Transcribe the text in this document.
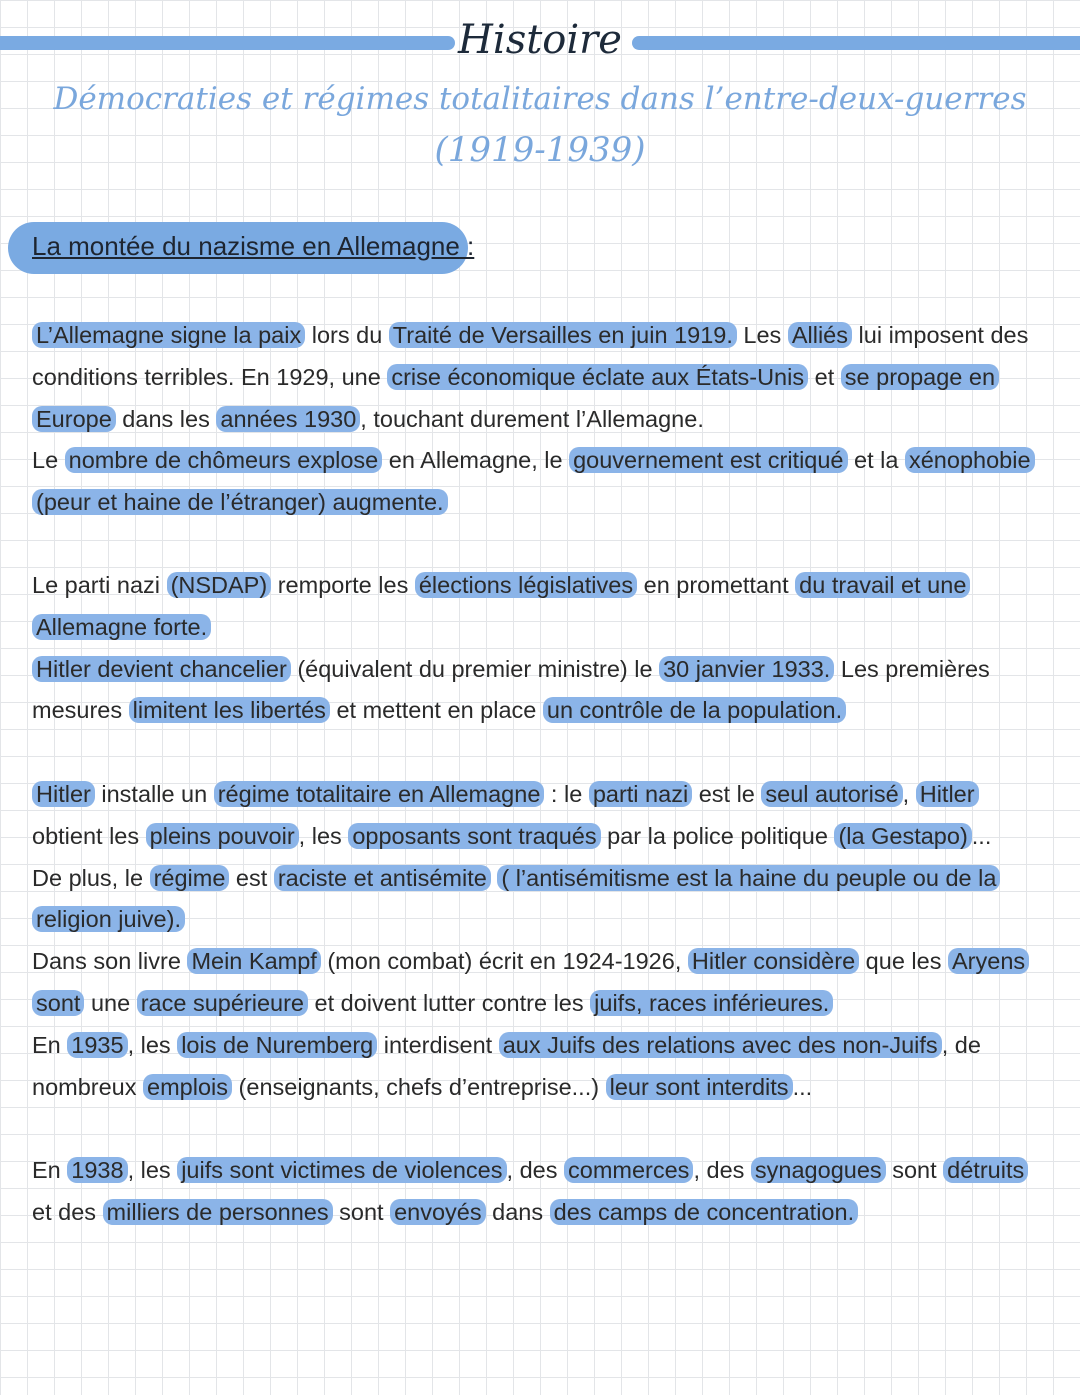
Histoire
Démocraties et régimes totalitaires dans l’entre-deux-guerres
(1919-1939)
La montée du nazisme en Allemagne :

L’Allemagne signe la paix lors du Traité de Versailles en juin 1919. Les Alliés lui imposent des conditions terribles. En 1929, une crise économique éclate aux États-Unis et se propage en Europe dans les années 1930 , touchant durement l’Allemagne.

Le nombre de chômeurs explose en Allemagne, le gouvernement est critiqué et la xénophobie (peur et haine de l’étranger) augmente.

Le parti nazi (NSDAP) remporte les élections législatives en promettant du travail et une Allemagne forte.

Hitler devient chancelier (équivalent du premier ministre) le 30 janvier 1933. Les premières mesures limitent les libertés et mettent en place un contrôle de la population.

Hitler installe un régime totalitaire en Allemagne : le parti nazi est le seul autorisé , Hitler obtient les pleins pouvoir , les opposants sont traqués par la police politique (la Gestapo) ...

De plus, le régime est raciste et antisémite ( l’antisémitisme est la haine du peuple ou de la religion juive).

Dans son livre Mein Kampf (mon combat) écrit en 1924-1926, Hitler considère que les Aryens sont une race supérieure et doivent lutter contre les juifs, races inférieures.

En 1935 , les lois de Nuremberg interdisent aux Juifs des relations avec des non-Juifs , de nombreux emplois (enseignants, chefs d’entreprise...) leur sont interdits ...

En 1938 , les juifs sont victimes de violences , des commerces , des synagogues sont détruits et des milliers de personnes sont envoyés dans des camps de concentration.
